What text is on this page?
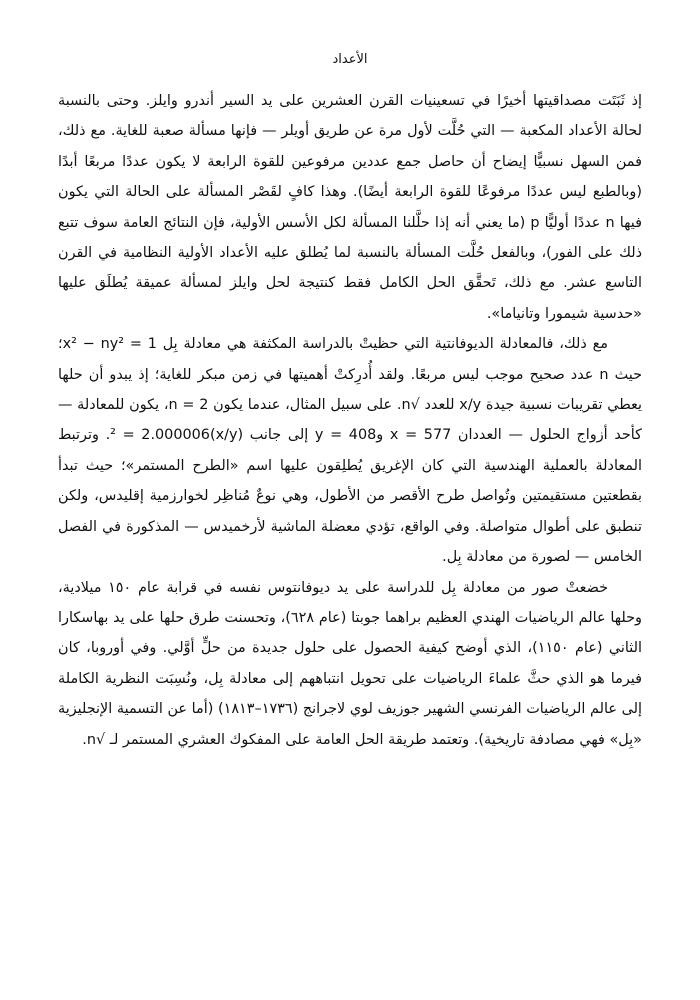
الأعداد

إذ ثَبَتَت مصداقيتها أخيرًا في تسعينيات القرن العشرين على يد السير أندرو وايلز. وحتى بالنسبة لحالة الأعداد المكعبة — التي حُلَّت لأول مرة عن طريق أويلر — فإنها مسألة صعبة للغاية. مع ذلك، فمن السهل نسبيًّا إيضاح أن حاصل جمع عددين مرفوعين للقوة الرابعة لا يكون عددًا مربعًا أبدًا (وبالطبع ليس عددًا مرفوعًا للقوة الرابعة أيضًا). وهذا كافٍ لقَصْر المسألة على الحالة التي يكون فيها n عددًا أوليًّا p (ما يعني أنه إذا حلَّلنا المسألة لكل الأسس الأولية، فإن النتائج العامة سوف تتبع ذلك على الفور)، وبالفعل حُلَّت المسألة بالنسبة لما يُطلق عليه الأعداد الأولية النظامية في القرن التاسع عشر. مع ذلك، تَحقَّق الحل الكامل فقط كنتيجة لحل وايلز لمسألة عميقة يُطلَق عليها «حدسية شيمورا وتانياما».

مع ذلك، فالمعادلة الديوفانتية التي حظيتْ بالدراسة المكثفة هي معادلة بِل x² − ny² = 1؛ حيث n عدد صحيح موجب ليس مربعًا. ولقد أُدرِكتْ أهميتها في زمن مبكر للغاية؛ إذ يبدو أن حلها يعطي تقريبات نسبية جيدة x/y للعدد √n. على سبيل المثال، عندما يكون n = 2، يكون للمعادلة — كأحد أزواج الحلول — العددان x = 577 وy = 408 إلى جانب (x/y)² = 2.000006. وترتبط المعادلة بالعملية الهندسية التي كان الإغريق يُطلِقون عليها اسم «الطرح المستمر»؛ حيث تبدأ بقطعتين مستقيمتين وتُواصل طرح الأقصر من الأطول، وهي نوعٌ مُناظِر لخوارزمية إقليدس، ولكن تنطبق على أطوال متواصلة. وفي الواقع، تؤدي معضلة الماشية لأرخميدس — المذكورة في الفصل الخامس — لصورة من معادلة بِل.

خضعتْ صور من معادلة بِل للدراسة على يد ديوفانتوس نفسه في قرابة عام ١٥٠ ميلادية، وحلها عالم الرياضيات الهندي العظيم براهما جوبتا (عام ٦٢٨)، وتحسنت طرق حلها على يد بهاسكارا الثاني (عام ١١٥٠)، الذي أوضح كيفية الحصول على حلول جديدة من حلٍّ أوَّلي. وفي أوروبا، كان فيرما هو الذي حثَّ علماءَ الرياضيات على تحويل انتباههم إلى معادلة بِل، ونُسِبَت النظرية الكاملة إلى عالم الرياضيات الفرنسي الشهير جوزيف لوي لاجرانج (١٧٣٦–١٨١٣) (أما عن التسمية الإنجليزية «بِل» فهي مصادفة تاريخية). وتعتمد طريقة الحل العامة على المفكوك العشري المستمر لـ √n.
